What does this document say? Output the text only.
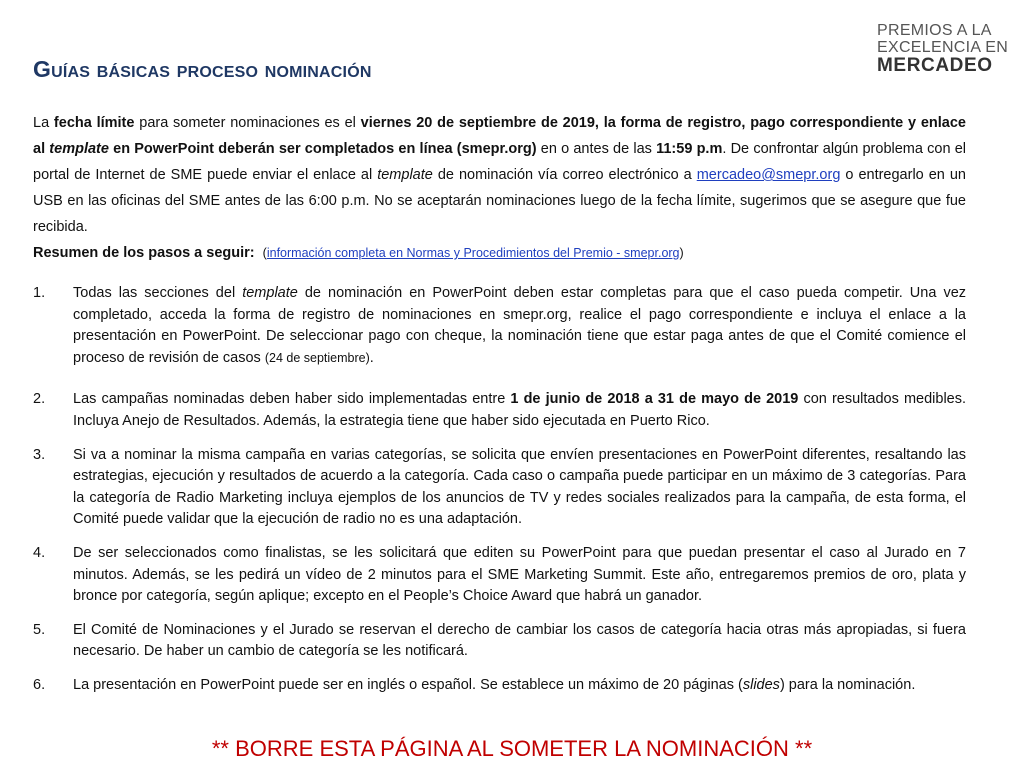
Guías básicas proceso nominación
PREMIOS A LA
EXCELENCIA EN
MERCADEO

La fecha límite para someter nominaciones es el viernes 20 de septiembre de 2019, la forma de registro, pago correspondiente y enlace al template en PowerPoint deberán ser completados en línea (smepr.org) en o antes de las 11:59 p.m. De confrontar algún problema con el portal de Internet de SME puede enviar el enlace al template de nominación vía correo electrónico a mercadeo@smepr.org o entregarlo en un USB en las oficinas del SME antes de las 6:00 p.m. No se aceptarán nominaciones luego de la fecha límite, sugerimos que se asegure que fue recibida.

Resumen de los pasos a seguir: (información completa en Normas y Procedimientos del Premio - smepr.org)

1.	Todas las secciones del template de nominación en PowerPoint deben estar completas para que el caso pueda competir. Una vez completado, acceda la forma de registro de nominaciones en smepr.org, realice el pago correspondiente e incluya el enlace a la presentación en PowerPoint. De seleccionar pago con cheque, la nominación tiene que estar paga antes de que el Comité comience el proceso de revisión de casos (24 de septiembre).
2.	Las campañas nominadas deben haber sido implementadas entre 1 de junio de 2018 a 31 de mayo de 2019 con resultados medibles. Incluya Anejo de Resultados. Además, la estrategia tiene que haber sido ejecutada en Puerto Rico.
3.	Si va a nominar la misma campaña en varias categorías, se solicita que envíen presentaciones en PowerPoint diferentes, resaltando las estrategias, ejecución y resultados de acuerdo a la categoría. Cada caso o campaña puede participar en un máximo de 3 categorías. Para la categoría de Radio Marketing incluya ejemplos de los anuncios de TV y redes sociales realizados para la campaña, de esta forma, el Comité puede validar que la ejecución de radio no es una adaptación.
4.	De ser seleccionados como finalistas, se les solicitará que editen su PowerPoint para que puedan presentar el caso al Jurado en 7 minutos. Además, se les pedirá un vídeo de 2 minutos para el SME Marketing Summit. Este año, entregaremos premios de oro, plata y bronce por categoría, según aplique; excepto en el People’s Choice Award que habrá un ganador.
5.	El Comité de Nominaciones y el Jurado se reservan el derecho de cambiar los casos de categoría hacia otras más apropiadas, si fuera necesario. De haber un cambio de categoría se les notificará.
6.	La presentación en PowerPoint puede ser en inglés o español. Se establece un máximo de 20 páginas (slides) para la nominación.

** BORRE ESTA PÁGINA AL SOMETER LA NOMINACIÓN **
